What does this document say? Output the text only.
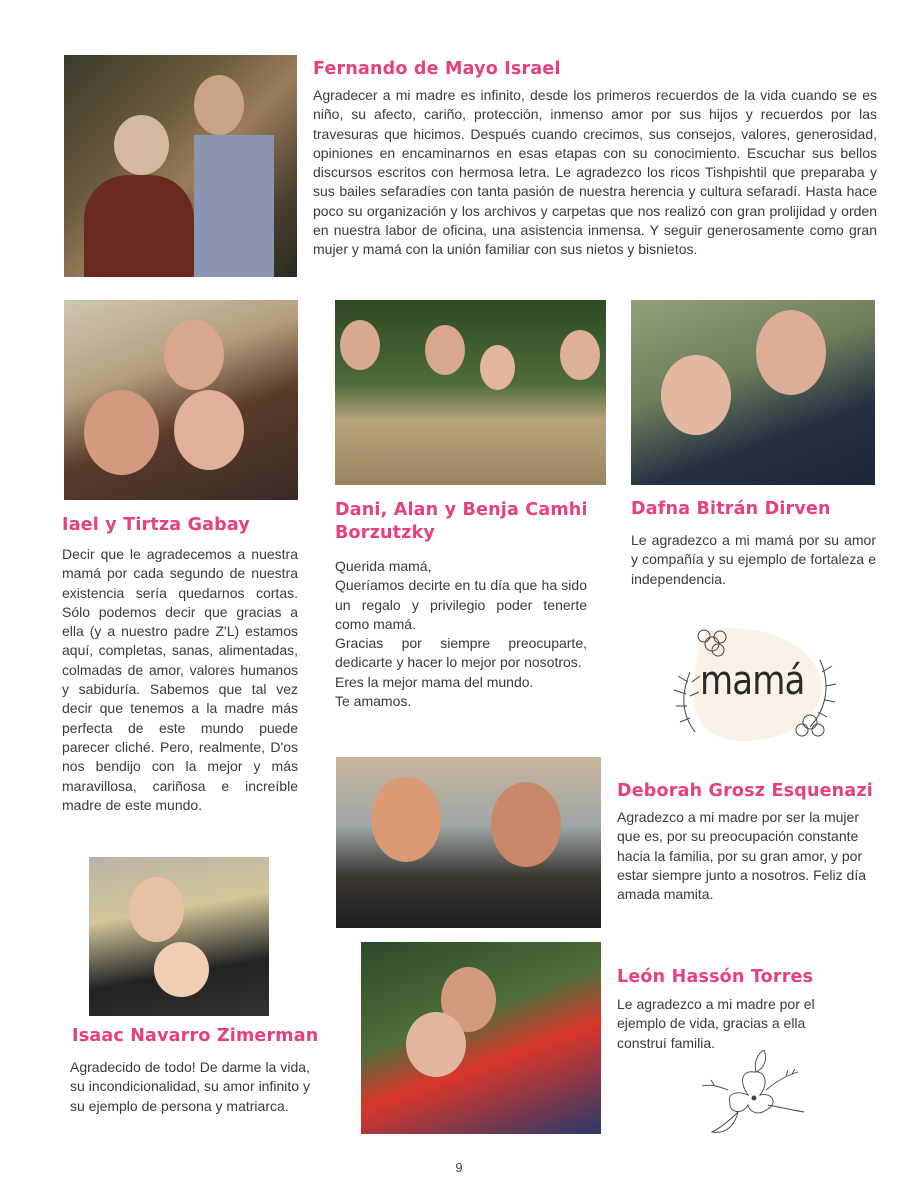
Fernando de Mayo Israel

Agradecer a mi madre es infinito, desde los primeros recuerdos de la vida cuando se es niño, su afecto, cariño, protección, inmenso amor por sus hijos y recuerdos por las travesuras que hicimos. Después cuando crecimos, sus consejos, valores, generosidad, opiniones en encaminarnos en esas etapas con su conocimiento. Escuchar sus bellos discursos escritos con hermosa letra. Le agradezco los ricos Tishpishtil que preparaba y sus bailes sefaradíes con tanta pasión de nuestra herencia y cultura sefaradí. Hasta hace poco su organización y los archivos y carpetas que nos realizó con gran prolijidad y orden en nuestra labor de oficina, una asistencia inmensa. Y seguir generosamente como gran mujer y mamá con la unión familiar con sus nietos y bisnietos.

Iael y Tirtza Gabay

Decir que le agradecemos a nuestra mamá por cada segundo de nuestra existencia sería quedarnos cortas. Sólo podemos decir que gracias a ella (y a nuestro padre Z'L) estamos aquí, completas, sanas, alimentadas, colmadas de amor, valores humanos y sabiduría. Sabemos que tal vez decir que tenemos a la madre más perfecta de este mundo puede parecer cliché. Pero, realmente, D'os nos bendijo con la mejor y más maravillosa, cariñosa e increíble madre de este mundo.

Dani, Alan y Benja Camhi Borzutzky
Querida mamá,
Queríamos decirte en tu día que ha sido un regalo y privilegio poder tenerte como mamá.
Gracias por siempre preocuparte, dedicarte y hacer lo mejor por nosotros.
Eres la mejor mama del mundo.
Te amamos.
Dafna Bitrán Dirven

Le agradezco a mi mamá por su amor y compañía y su ejemplo de fortaleza e independencia.

mamá
Deborah Grosz Esquenazi

Agradezco a mi madre por ser la mujer que es, por su preocupación constante hacia la familia, por su gran amor, y por estar siempre junto a nosotros. Feliz día amada mamita.

León Hassón Torres

Le agradezco a mi madre por el ejemplo de vida, gracias a ella construí familia.

Isaac Navarro Zimerman

Agradecido de todo! De darme la vida, su incondicionalidad, su amor infinito y su ejemplo de persona y matriarca.

9
